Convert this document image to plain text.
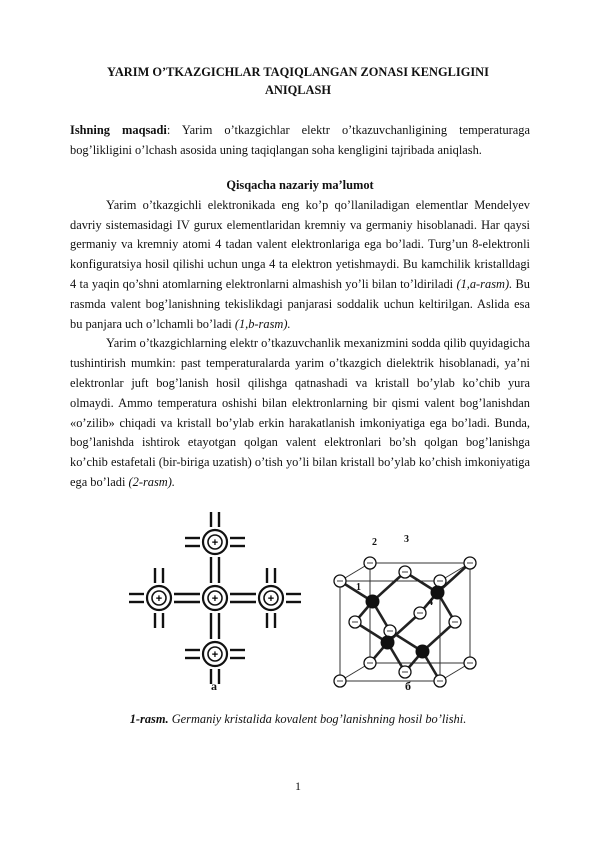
YARIM O’TKAZGICHLAR TAQIQLANGAN ZONASI KENGLIGINI
ANIQLASH

Ishning maqsadi: Yarim o’tkazgichlar elektr o’tkazuvchanligining temperaturaga bog’likligini o’lchash asosida uning taqiqlangan soha kengligini tajribada aniqlash.

Qisqacha nazariy ma’lumot

Yarim o’tkazgichli elektronikada eng ko’p qo’llaniladigan elementlar Mendelyev davriy sistemasidagi IV gurux elementlaridan kremniy va germaniy hisoblanadi. Har qaysi germaniy va kremniy atomi 4 tadan valent elektronlariga ega bo’ladi. Turg’un 8-elektronli konfiguratsiya hosil qilishi uchun unga 4 ta elektron yetishmaydi. Bu kamchilik kristalldagi 4 ta yaqin qo’shni atomlarning elektronlarni almashish yo’li bilan to’ldiriladi (1,a-rasm). Bu rasmda valent bog’lanishning tekislikdagi panjarasi soddalik uchun keltirilgan. Aslida esa bu panjara uch o’lchamli bo’ladi (1,b-rasm).

Yarim o’tkazgichlarning elektr o’tkazuvchanlik mexanizmini sodda qilib quyidagicha tushintirish mumkin: past temperaturalarda yarim o’tkazgich dielektrik hisoblanadi, ya’ni elektronlar juft bog’lanish hosil qilishga qatnashadi va kristall bo’ylab ko’chib yura olmaydi. Ammo temperatura oshishi bilan elektronlarning bir qismi valent bog’lanishdan «o’zilib» chiqadi va kristall bo’ylab erkin harakatlanish imkoniyatiga ega bo’ladi. Bunda, bog’lanishda ishtirok etayotgan qolgan valent elektronlari bo’sh qolgan bog’lanishga ko’chib estafetali (bir-biriga uzatish) o’tish yo’li bilan kristall bo’ylab ko’chish imkoniyatiga ega bo’ladi (2-rasm).

+
+	+	+
+
a
2	3
1
4
б
1-rasm. Germaniy kristalida kovalent bog’lanishning hosil bo’lishi.
1
